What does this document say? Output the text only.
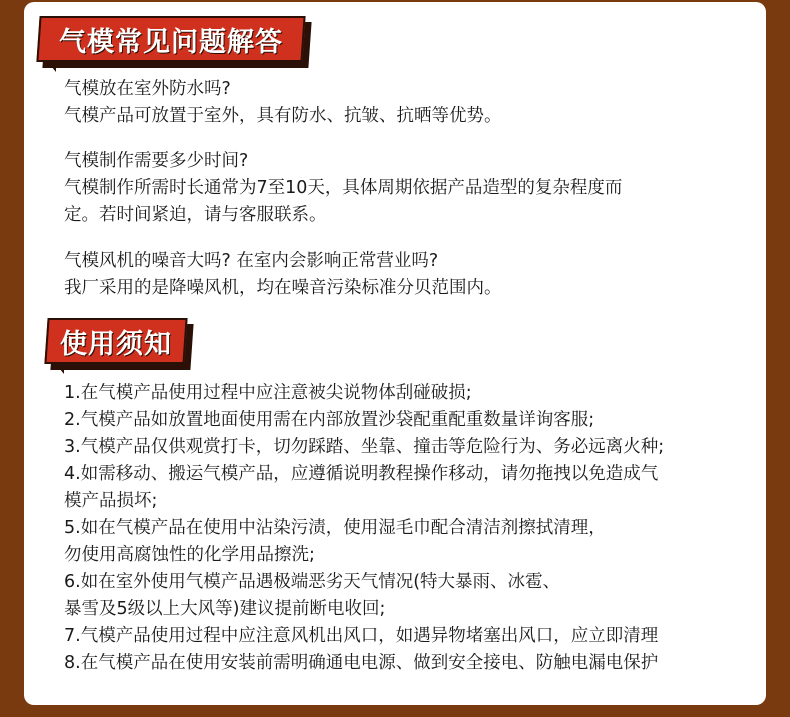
气模常见问题解答

气模放在室外防水吗?

气模产品可放置于室外，具有防水、抗皱、抗晒等优势。

气模制作需要多少时间?

气模制作所需时长通常为7至10天，具体周期依据产品造型的复杂程度而

定。若时间紧迫，请与客服联系。

气模风机的噪音大吗? 在室内会影响正常营业吗?

我厂采用的是降噪风机，均在噪音污染标准分贝范围内。

使用须知

1.在气模产品使用过程中应注意被尖说物体刮碰破损;

2.气模产品如放置地面使用需在内部放置沙袋配重配重数量详询客服;

3.气模产品仅供观赏打卡，切勿踩踏、坐靠、撞击等危险行为、务必远离火种;

4.如需移动、搬运气模产品，应遵循说明教程操作移动，请勿拖拽以免造成气

模产品损坏;

5.如在气模产品在使用中沾染污渍，使用湿毛巾配合清洁剂擦拭清理，

勿使用高腐蚀性的化学用品擦洗;

6.如在室外使用气模产品遇极端恶劣天气情况(特大暴雨、冰雹、

暴雪及5级以上大风等)建议提前断电收回;

7.气模产品使用过程中应注意风机出风口，如遇异物堵塞出风口，应立即清理

8.在气模产品在使用安装前需明确通电电源、做到安全接电、防触电漏电保护
